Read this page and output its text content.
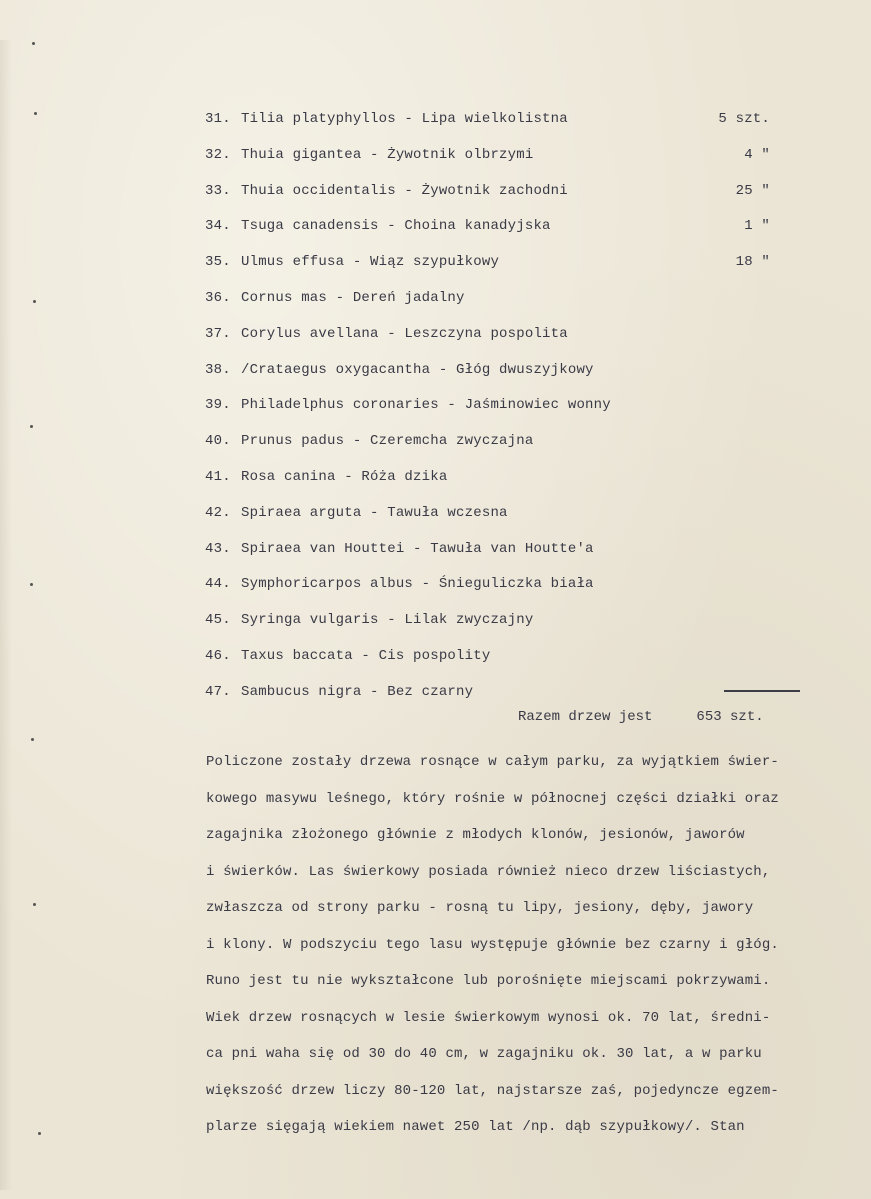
31. Tilia platyphyllos - Lipa wielkolistna	5 szt.
32. Thuia gigantea - Żywotnik olbrzymi	4 "
33. Thuia occidentalis - Żywotnik zachodni	25 "
34. Tsuga canadensis - Choina kanadyjska	1 "
35. Ulmus effusa - Wiąz szypułkowy	18 "
36. Cornus mas - Dereń jadalny
37. Corylus avellana - Leszczyna pospolita
38. /Crataegus oxygacantha - Głóg dwuszyjkowy
39. Philadelphus coronaries - Jaśminowiec wonny
40. Prunus padus - Czeremcha zwyczajna
41. Rosa canina - Róża dzika
42. Spiraea arguta - Tawuła wczesna
43. Spiraea van Houttei - Tawuła van Houtte'a
44. Symphoricarpos albus - Śnieguliczka biała
45. Syringa vulgaris - Lilak zwyczajny
46. Taxus baccata - Cis pospolity
47. Sambucus nigra - Bez czarny
Razem drzew jest	653 szt.
Policzone zostały drzewa rosnące w całym parku, za wyjątkiem świer-
kowego masywu leśnego, który rośnie w północnej części działki oraz
zagajnika złożonego głównie z młodych klonów, jesionów, jaworów
i świerków. Las świerkowy posiada również nieco drzew liściastych,
zwłaszcza od strony parku - rosną tu lipy, jesiony, dęby, jawory
i klony. W podszyciu tego lasu występuje głównie bez czarny i głóg.
Runo jest tu nie wykształcone lub porośnięte miejscami pokrzywami.
Wiek drzew rosnących w lesie świerkowym wynosi ok. 70 lat, średni-
ca pni waha się od 30 do 40 cm, w zagajniku ok. 30 lat, a w parku
większość drzew liczy 80-120 lat, najstarsze zaś, pojedyncze egzem-
plarze sięgają wiekiem nawet 250 lat /np. dąb szypułkowy/. Stan
